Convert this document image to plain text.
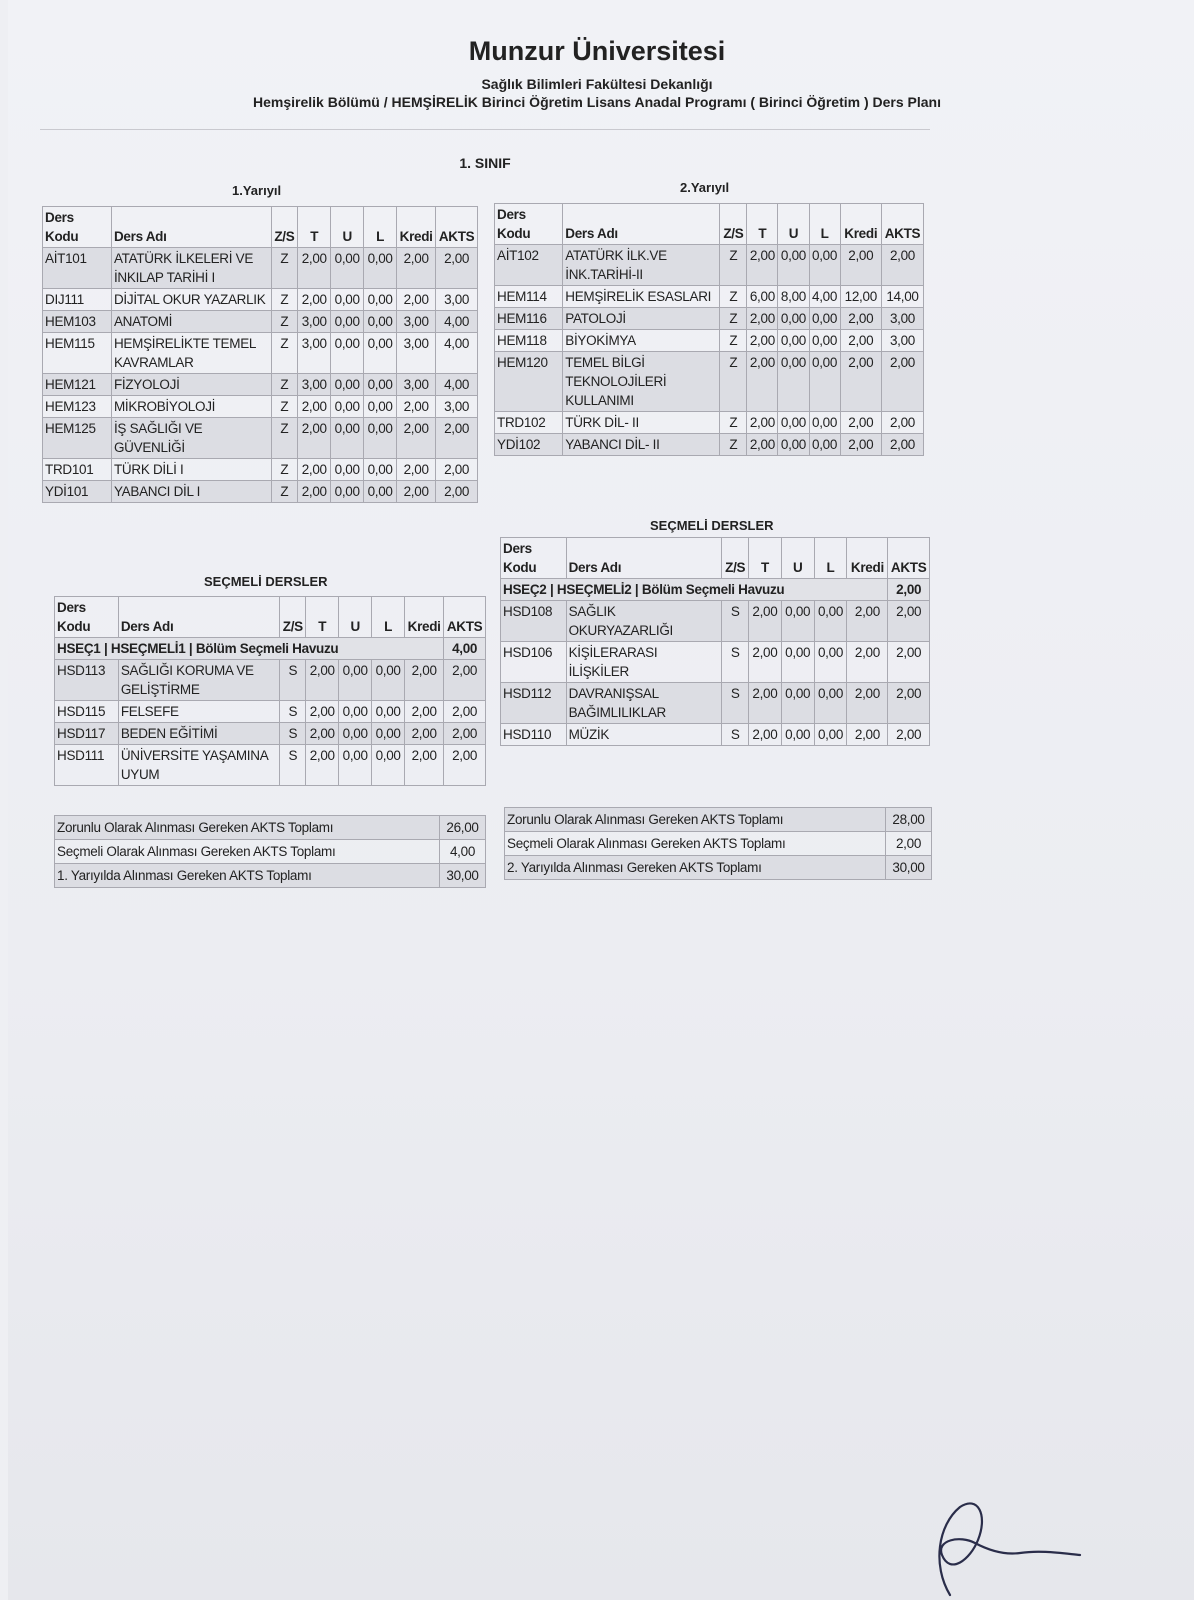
Munzur Üniversitesi
Sağlık Bilimleri Fakültesi Dekanlığı
Hemşirelik Bölümü / HEMŞİRELİK Birinci Öğretim Lisans Anadal Programı ( Birinci Öğretim ) Ders Planı
1. SINIF
1.Yarıyıl	2.Yarıyıl
Ders Kodu	Ders Adı	Z/S	T	U	L	Kredi	AKTS
AİT101	ATATÜRK İLKELERİ VE İNKILAP TARİHİ I	Z	2,00	0,00	0,00	2,00	2,00
DIJ111	DİJİTAL OKUR YAZARLIK	Z	2,00	0,00	0,00	2,00	3,00
HEM103	ANATOMİ	Z	3,00	0,00	0,00	3,00	4,00
HEM115	HEMŞİRELİKTE TEMEL KAVRAMLAR	Z	3,00	0,00	0,00	3,00	4,00
HEM121	FİZYOLOJİ	Z	3,00	0,00	0,00	3,00	4,00
HEM123	MİKROBİYOLOJİ	Z	2,00	0,00	0,00	2,00	3,00
HEM125	İŞ SAĞLIĞI VE GÜVENLİĞİ	Z	2,00	0,00	0,00	2,00	2,00
TRD101	TÜRK DİLİ I	Z	2,00	0,00	0,00	2,00	2,00
YDİ101	YABANCI DİL I	Z	2,00	0,00	0,00	2,00	2,00
SEÇMELİ DERSLER
Ders Kodu	Ders Adı	Z/S	T	U	L	Kredi	AKTS
HSEÇ1 | HSEÇMELİ1 | Bölüm Seçmeli Havuzu							4,00
HSD113	SAĞLIĞI KORUMA VE GELİŞTİRME	S	2,00	0,00	0,00	2,00	2,00
HSD115	FELSEFE	S	2,00	0,00	0,00	2,00	2,00
HSD117	BEDEN EĞİTİMİ	S	2,00	0,00	0,00	2,00	2,00
HSD111	ÜNİVERSİTE YAŞAMINA UYUM	S	2,00	0,00	0,00	2,00	2,00
Zorunlu Olarak Alınması Gereken AKTS Toplamı	26,00
Seçmeli Olarak Alınması Gereken AKTS Toplamı	4,00
1. Yarıyılda Alınması Gereken AKTS Toplamı	30,00
Ders Kodu	Ders Adı	Z/S	T	U	L	Kredi	AKTS
AİT102	ATATÜRK İLK.VE İNK.TARİHİ-II	Z	2,00	0,00	0,00	2,00	2,00
HEM114	HEMŞİRELİK ESASLARI	Z	6,00	8,00	4,00	12,00	14,00
HEM116	PATOLOJİ	Z	2,00	0,00	0,00	2,00	3,00
HEM118	BİYOKİMYA	Z	2,00	0,00	0,00	2,00	3,00
HEM120	TEMEL BİLGİ TEKNOLOJİLERİ KULLANIMI	Z	2,00	0,00	0,00	2,00	2,00
TRD102	TÜRK DİL- II	Z	2,00	0,00	0,00	2,00	2,00
YDİ102	YABANCI DİL- II	Z	2,00	0,00	0,00	2,00	2,00
SEÇMELİ DERSLER
Ders Kodu	Ders Adı	Z/S	T	U	L	Kredi	AKTS
HSEÇ2 | HSEÇMELİ2 | Bölüm Seçmeli Havuzu							2,00
HSD108	SAĞLIK OKURYAZARLIĞI	S	2,00	0,00	0,00	2,00	2,00
HSD106	KİŞİLERARASI İLİŞKİLER	S	2,00	0,00	0,00	2,00	2,00
HSD112	DAVRANIŞSAL BAĞIMLILIKLAR	S	2,00	0,00	0,00	2,00	2,00
HSD110	MÜZİK	S	2,00	0,00	0,00	2,00	2,00
Zorunlu Olarak Alınması Gereken AKTS Toplamı	28,00
Seçmeli Olarak Alınması Gereken AKTS Toplamı	2,00
2. Yarıyılda Alınması Gereken AKTS Toplamı	30,00
